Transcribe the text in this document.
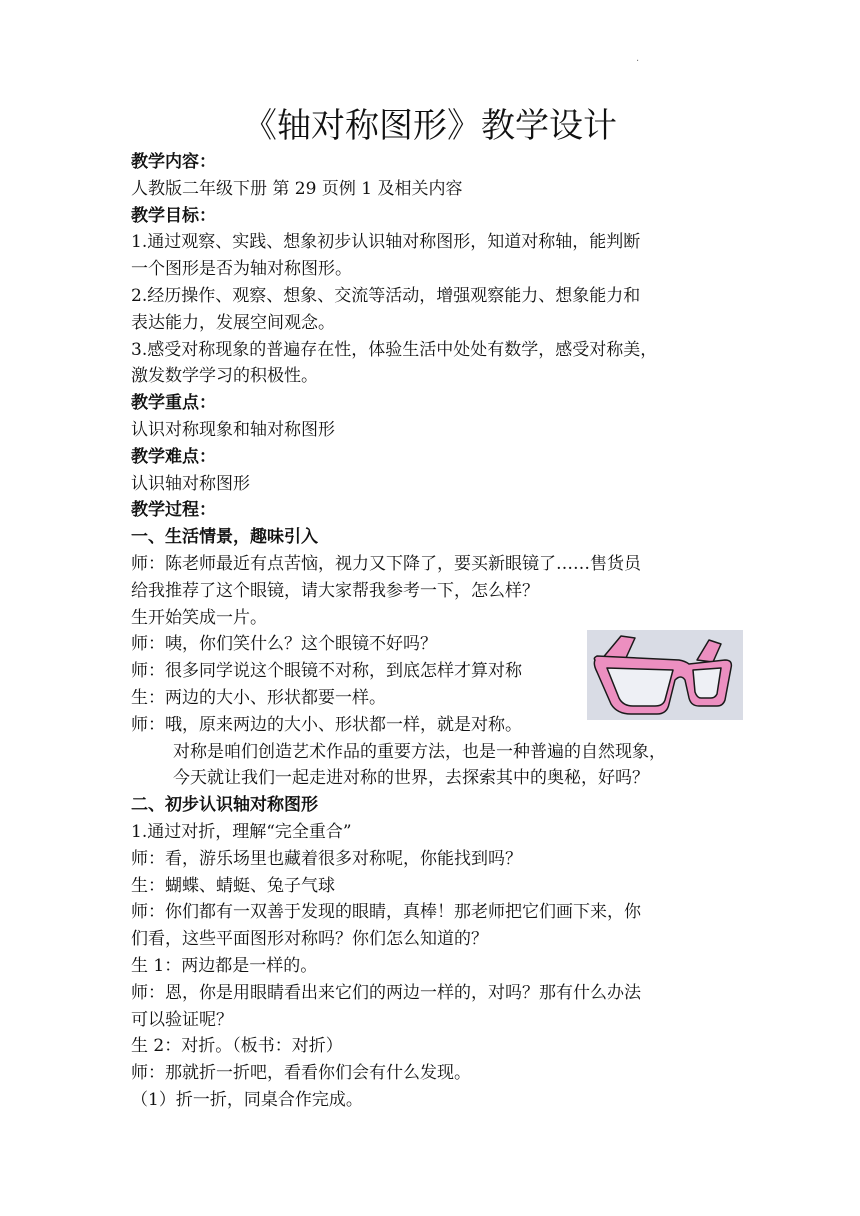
·
《轴对称图形》教学设计
教学内容：
人教版二年级下册 第 29 页例 1 及相关内容
教学目标：
1.通过观察、实践、想象初步认识轴对称图形，知道对称轴，能判断
一个图形是否为轴对称图形。
2.经历操作、观察、想象、交流等活动，增强观察能力、想象能力和
表达能力，发展空间观念。
3.感受对称现象的普遍存在性，体验生活中处处有数学，感受对称美，
激发数学学习的积极性。
教学重点：
认识对称现象和轴对称图形
教学难点：
认识轴对称图形
教学过程：
一、生活情景，趣味引入
师：陈老师最近有点苦恼，视力又下降了，要买新眼镜了……售货员
给我推荐了这个眼镜，请大家帮我参考一下，怎么样？
生开始笑成一片。
师：咦，你们笑什么？这个眼镜不好吗？
师：很多同学说这个眼镜不对称，到底怎样才算对称
生：两边的大小、形状都要一样。
师：哦，原来两边的大小、形状都一样，就是对称。
对称是咱们创造艺术作品的重要方法，也是一种普遍的自然现象，
今天就让我们一起走进对称的世界，去探索其中的奥秘，好吗？
二、初步认识轴对称图形
1.通过对折，理解“完全重合”
师：看，游乐场里也藏着很多对称呢，你能找到吗？
生：蝴蝶、蜻蜓、兔子气球
师：你们都有一双善于发现的眼睛，真棒！那老师把它们画下来，你
们看，这些平面图形对称吗？你们怎么知道的？
生 1：两边都是一样的。
师：恩，你是用眼睛看出来它们的两边一样的，对吗？那有什么办法
可以验证呢？
生 2：对折。（板书：对折）
师：那就折一折吧，看看你们会有什么发现。
（1）折一折，同桌合作完成。
